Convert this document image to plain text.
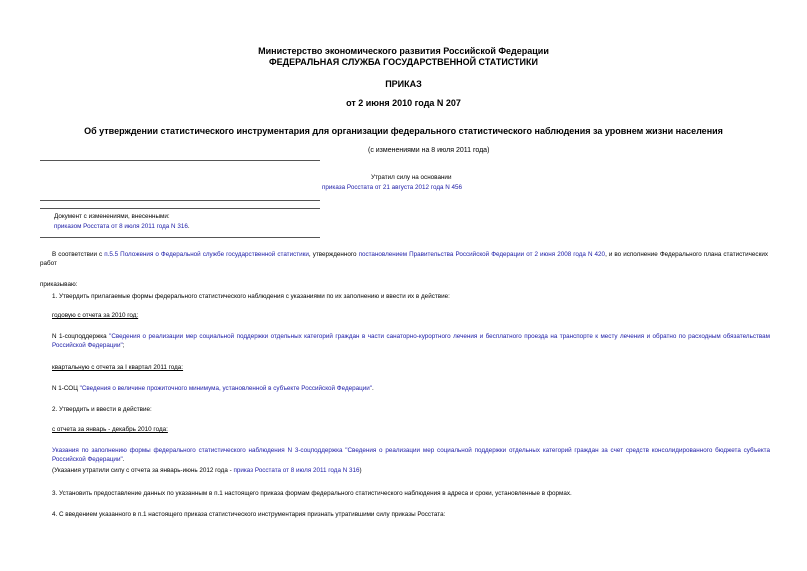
Министерство экономического развития Российской Федерации
ФЕДЕРАЛЬНАЯ СЛУЖБА ГОСУДАРСТВЕННОЙ СТАТИСТИКИ
ПРИКАЗ
от 2 июня 2010 года N 207
Об утверждении статистического инструментария для организации федерального статистического наблюдения за уровнем жизни населения
(с изменениями на 8 июля 2011 года)
Утратил силу на основании
приказа Росстата от 21 августа 2012 года N 456
Документ с изменениями, внесенными:
приказом Росстата от 8 июля 2011 года N 316.
В соответствии с п.5.5 Положения о Федеральной службе государственной статистики, утвержденного постановлением Правительства Российской Федерации от 2 июня 2008 года N 420, и во исполнение Федерального плана статистических работ
приказываю:
1. Утвердить прилагаемые формы федерального статистического наблюдения с указаниями по их заполнению и ввести их в действие:
годовую с отчета за 2010 год:
N 1-соцподдержка "Сведения о реализации мер социальной поддержки отдельных категорий граждан в части санаторно-курортного лечения и бесплатного проезда на транспорте к месту лечения и обратно по расходным обязательствам Российской Федерации";
квартальную с отчета за I квартал 2011 года:
N 1-СОЦ "Сведения о величине прожиточного минимума, установленной в субъекте Российской Федерации".
2. Утвердить и ввести в действие:
с отчета за январь - декабрь 2010 года:
Указания по заполнению формы федерального статистического наблюдения N 3-соцподдержка "Сведения о реализации мер социальной поддержки отдельных категорий граждан за счет средств консолидированного бюджета субъекта Российской Федерации".
(Указания утратили силу с отчета за январь-июнь 2012 года - приказ Росстата от 8 июля 2011 года N 316)
3. Установить предоставление данных по указанным в п.1 настоящего приказа формам федерального статистического наблюдения в адреса и сроки, установленные в формах.
4. С введением указанного в п.1 настоящего приказа статистического инструментария признать утратившими силу приказы Росстата:
